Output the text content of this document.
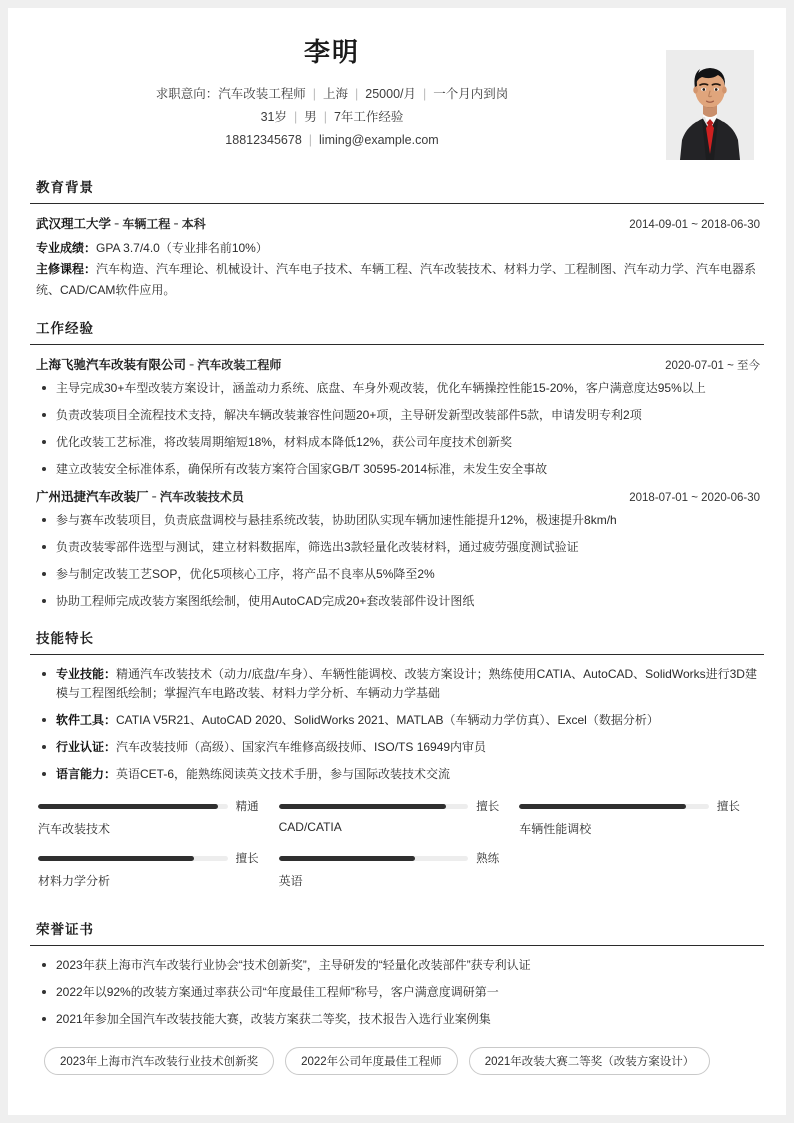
李明
求职意向：汽车改装工程师 | 上海 | 25000/月 | 一个月内到岗
31岁 | 男 | 7年工作经验
18812345678 | liming@example.com
教育背景
武汉理工大学 - 车辆工程 - 本科	2014-09-01 ~ 2018-06-30
专业成绩：GPA 3.7/4.0（专业排名前10%）
主修课程：汽车构造、汽车理论、机械设计、汽车电子技术、车辆工程、汽车改装技术、材料力学、工程制图、汽车动力学、汽车电器系统、CAD/CAM软件应用。
工作经验
上海飞驰汽车改装有限公司 - 汽车改装工程师	2020-07-01 ~ 至今
主导完成30+车型改装方案设计，涵盖动力系统、底盘、车身外观改装，优化车辆操控性能15-20%，客户满意度达95%以上
负责改装项目全流程技术支持，解决车辆改装兼容性问题20+项，主导研发新型改装部件5款，申请发明专利2项
优化改装工艺标准，将改装周期缩短18%，材料成本降低12%，获公司年度技术创新奖
建立改装安全标准体系，确保所有改装方案符合国家GB/T 30595-2014标准，未发生安全事故
广州迅捷汽车改装厂 - 汽车改装技术员	2018-07-01 ~ 2020-06-30
参与赛车改装项目，负责底盘调校与悬挂系统改装，协助团队实现车辆加速性能提升12%，极速提升8km/h
负责改装零部件选型与测试，建立材料数据库，筛选出3款轻量化改装材料，通过疲劳强度测试验证
参与制定改装工艺SOP，优化5项核心工序，将产品不良率从5%降至2%
协助工程师完成改装方案图纸绘制，使用AutoCAD完成20+套改装部件设计图纸
技能特长
专业技能：精通汽车改装技术（动力/底盘/车身）、车辆性能调校、改装方案设计；熟练使用CATIA、AutoCAD、SolidWorks进行3D建模与工程图纸绘制；掌握汽车电路改装、材料力学分析、车辆动力学基础
软件工具：CATIA V5R21、AutoCAD 2020、SolidWorks 2021、MATLAB（车辆动力学仿真）、Excel（数据分析）
行业认证：汽车改装技师（高级）、国家汽车维修高级技师、ISO/TS 16949内审员
语言能力：英语CET-6，能熟练阅读英文技术手册，参与国际改装技术交流
精通
汽车改装技术
擅长
CAD/CATIA
擅长
车辆性能调校
擅长
材料力学分析
熟练
英语
荣誉证书
2023年获上海市汽车改装行业协会“技术创新奖”，主导研发的“轻量化改装部件”获专利认证
2022年以92%的改装方案通过率获公司“年度最佳工程师”称号，客户满意度调研第一
2021年参加全国汽车改装技能大赛，改装方案获二等奖，技术报告入选行业案例集
2023年上海市汽车改装行业技术创新奖	2022年公司年度最佳工程师	2021年改装大赛二等奖（改装方案设计）
